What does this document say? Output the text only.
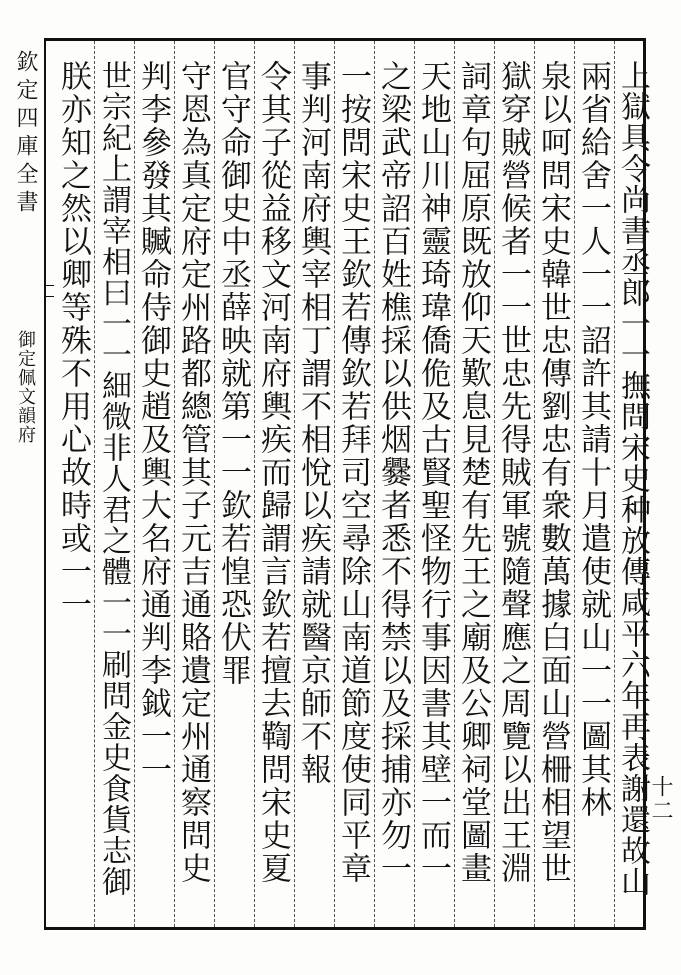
欽定四庫全書
御定佩文韻府	上獄具令尚書丞郎一一撫問宋史种放傳咸平六年再表謝還故山
兩省給舍一人一一詔許其請十月遣使就山一一圖其林
泉以呵問宋史韓世忠傳劉忠有衆數萬據白面山營柵相望世
獄穿賊營候者一一世忠先得賊軍號隨聲應之周覽以出王淵
詞章句屈原既放仰天歎息見楚有先王之廟及公卿祠堂圖畫
天地山川神靈琦瑋僑佹及古賢聖怪物行事因書其壁一而一
之梁武帝詔百姓樵採以供烟爨者悉不得禁以及採捕亦勿一
一按問宋史王欽若傳欽若拜司空尋除山南道節度使同平章
事判河南府輿宰相丁謂不相悅以疾請就醫京師不報
令其子從益移文河南府輿疾而歸謂言欽若擅去鞫問宋史夏
官守命御史中丞薛映就第一一欽若惶恐伏罪
守恩為真定府定州路都總管其子元吉通賂遺定州通察問史
判李參發其贓命侍御史趙及輿大名府通判李鉞一一
世宗紀上謂宰相曰一一細微非人君之體一一刷問金史食貨志御
朕亦知之然以卿等殊不用心故時或一一
十二
